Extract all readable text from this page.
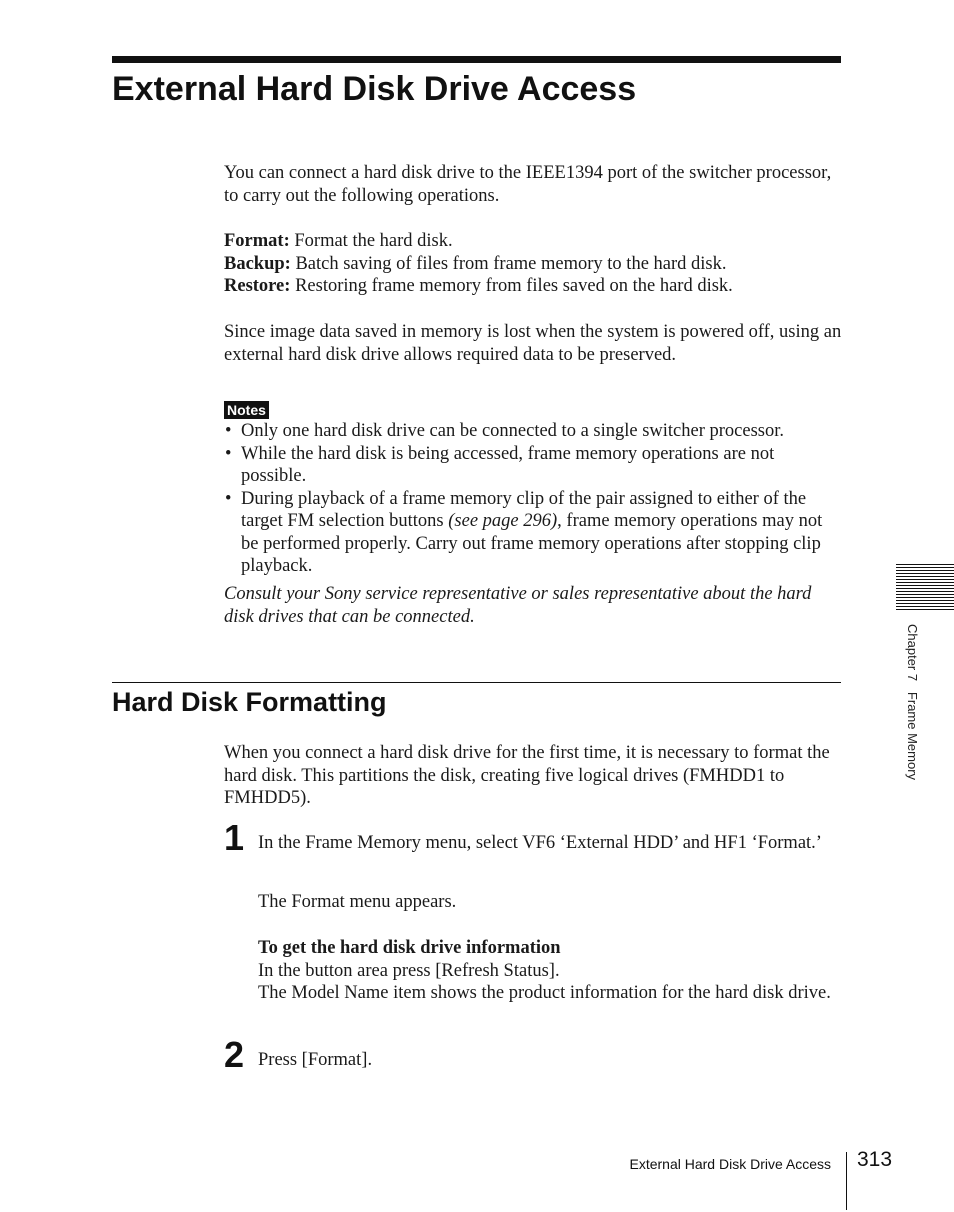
External Hard Disk Drive Access

You can connect a hard disk drive to the IEEE1394 port of the switcher processor, to carry out the following operations.

Format: Format the hard disk.
Backup: Batch saving of files from frame memory to the hard disk.
Restore: Restoring frame memory from files saved on the hard disk.

Since image data saved in memory is lost when the system is powered off, using an external hard disk drive allows required data to be preserved.

Notes
• Only one hard disk drive can be connected to a single switcher processor.
• While the hard disk is being accessed, frame memory operations are not possible.
• During playback of a frame memory clip of the pair assigned to either of the target FM selection buttons (see page 296), frame memory operations may not be performed properly. Carry out frame memory operations after stopping clip playback.

Consult your Sony service representative or sales representative about the hard disk drives that can be connected.

Hard Disk Formatting

When you connect a hard disk drive for the first time, it is necessary to format the hard disk. This partitions the disk, creating five logical drives (FMHDD1 to FMHDD5).

1 In the Frame Memory menu, select VF6 ‘External HDD’ and HF1 ‘Format.’

The Format menu appears.

To get the hard disk drive information
In the button area press [Refresh Status].
The Model Name item shows the product information for the hard disk drive.
2 Press [Format].

Chapter 7   Frame Memory
External Hard Disk Drive Access 313
